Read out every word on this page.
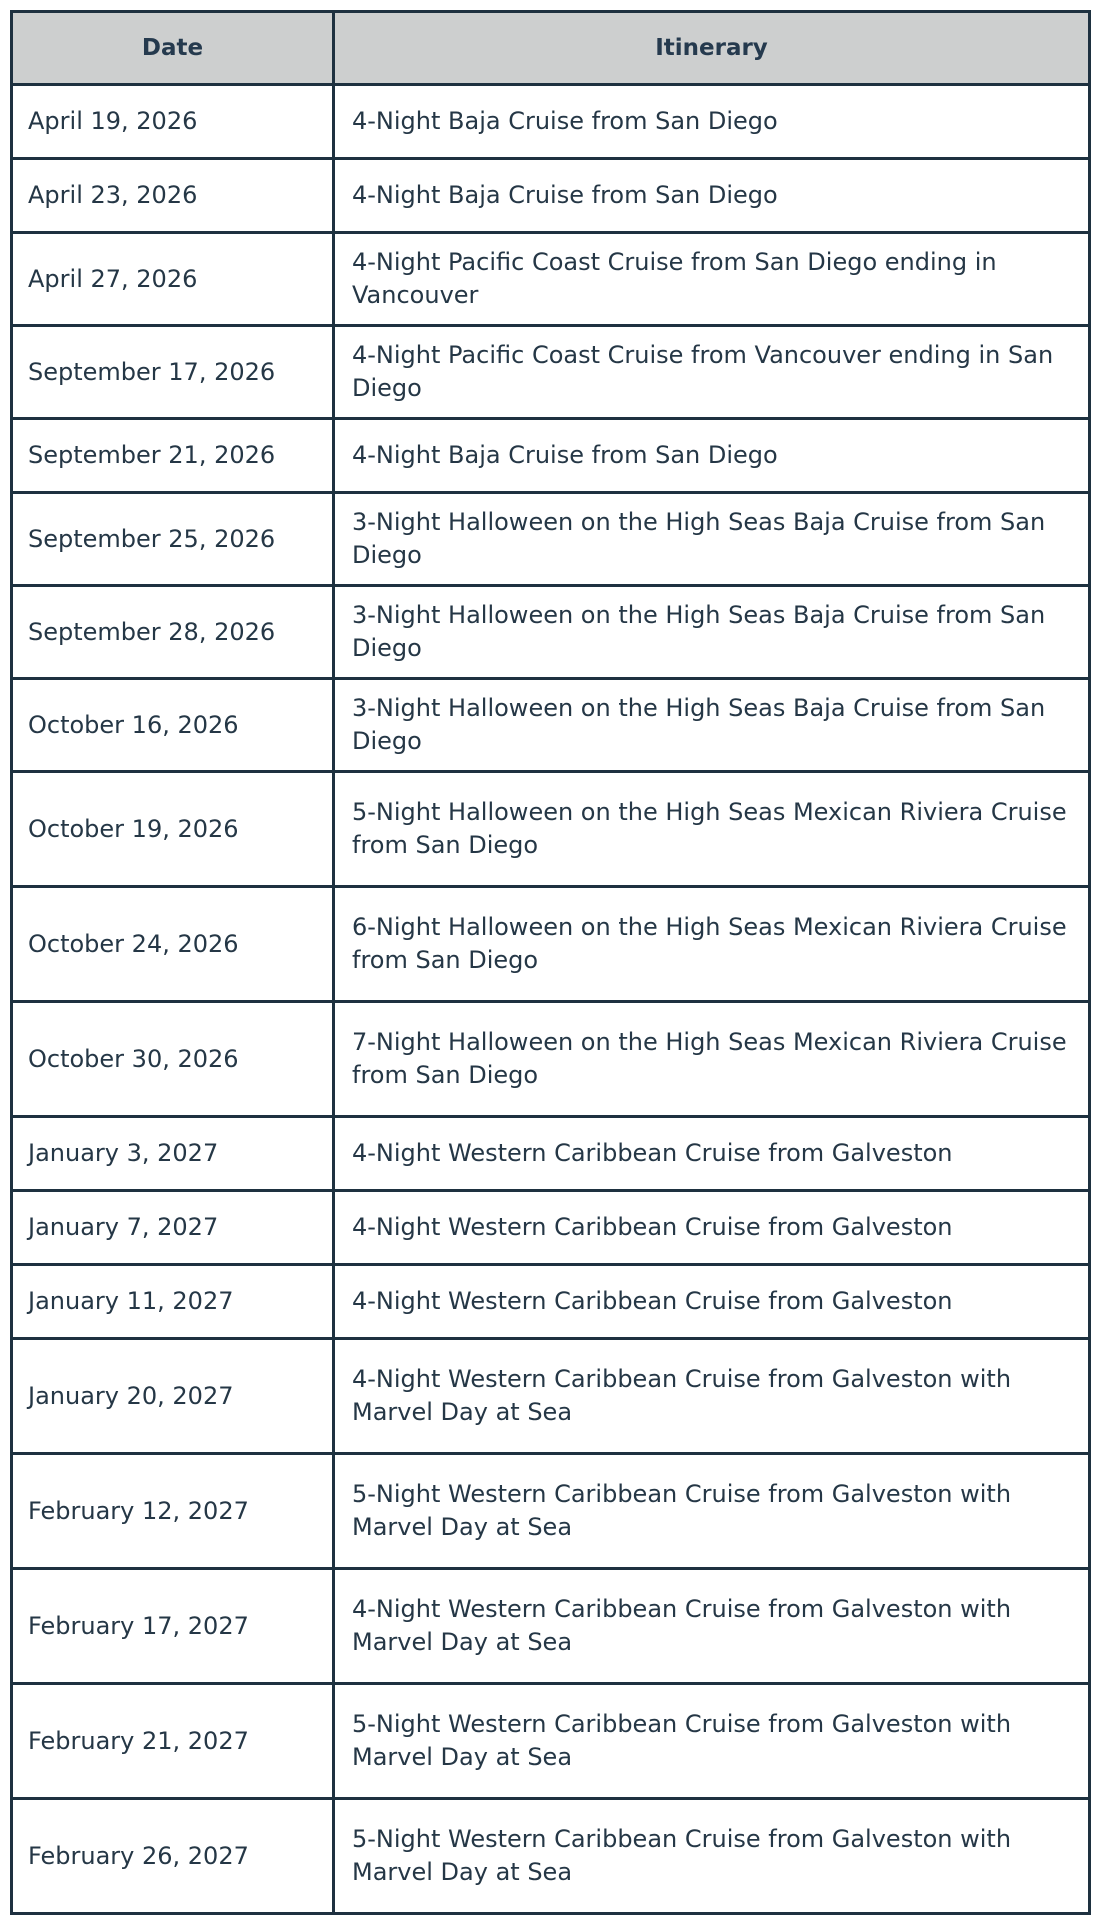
Date	Itinerary
April 19, 2026	4-Night Baja Cruise from San Diego
April 23, 2026	4-Night Baja Cruise from San Diego
April 27, 2026	4-Night Pacific Coast Cruise from San Diego ending in Vancouver
September 17, 2026	4-Night Pacific Coast Cruise from Vancouver ending in San Diego
September 21, 2026	4-Night Baja Cruise from San Diego
September 25, 2026	3-Night Halloween on the High Seas Baja Cruise from San Diego
September 28, 2026	3-Night Halloween on the High Seas Baja Cruise from San Diego
October 16, 2026	3-Night Halloween on the High Seas Baja Cruise from San Diego
October 19, 2026	5-Night Halloween on the High Seas Mexican Riviera Cruise from San Diego
October 24, 2026	6-Night Halloween on the High Seas Mexican Riviera Cruise from San Diego
October 30, 2026	7-Night Halloween on the High Seas Mexican Riviera Cruise from San Diego
January 3, 2027	4-Night Western Caribbean Cruise from Galveston
January 7, 2027	4-Night Western Caribbean Cruise from Galveston
January 11, 2027	4-Night Western Caribbean Cruise from Galveston
January 20, 2027	4-Night Western Caribbean Cruise from Galveston with Marvel Day at Sea
February 12, 2027	5-Night Western Caribbean Cruise from Galveston with Marvel Day at Sea
February 17, 2027	4-Night Western Caribbean Cruise from Galveston with Marvel Day at Sea
February 21, 2027	5-Night Western Caribbean Cruise from Galveston with Marvel Day at Sea
February 26, 2027	5-Night Western Caribbean Cruise from Galveston with Marvel Day at Sea
